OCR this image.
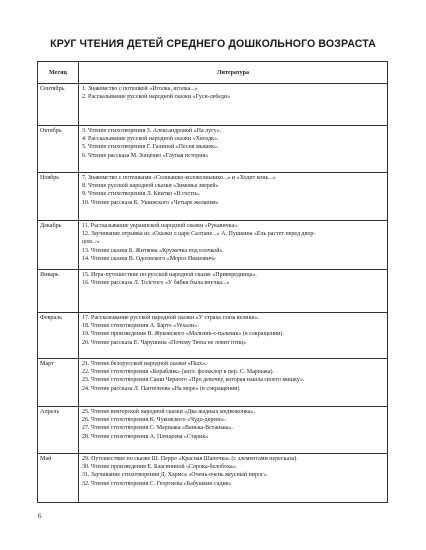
КРУГ ЧТЕНИЯ ДЕТЕЙ СРЕДНЕГО ДОШКОЛЬНОГО ВОЗРАСТА
Месяц	Литература
Сентябрь	1. Знакомство с потешкой «Иголка, иголка...»
2. Рассказывание русской народной сказки «Гуси-лебеди»

Октябрь	3. Чтение стихотворения З. Александровой «На лугу».
4. Рассказывание русской народной сказки «Хвоздк».
5. Чтение стихотворения Г. Галиной «Песня мышек».
6. Чтение рассказа М. Зощенко «Глупая история»

Ноябрь	7. Знакомство с потешками «Солнышко-колоколнышко...» и «Ходит конь...»
8. Чтение русской народной сказки «Зимовье зверей»
9. Чтение стихотворения Л. Квитко «В гости».
10. Чтение рассказа К. Ушинского «Четыре желания»

Декабрь	11. Рассказывание украинской народной сказки «Рукавичка».
12. Заучивание отрывка из «Сказки о царе Салтане...» А. Пушкина «Ель растет перед двор-
цом...»
13. Чтение сказки Б. Житкова «Кружечка под елочкой».
14. Чтение сказки В. Одоевского «Мороз Иванович»

Январь	15. Игра-путешествие по русской народной сказке «Привередница».
16. Чтение рассказа Л. Толстого «У бабки была внучка...»

Февраль	17. Рассказывание русской народной сказки «У страха глаза велики».
18. Чтение стихотворения А. Барто «Уехали».
19. Чтение произведения В. Жуковского «Мальчик-с-пальчик» (в сокращении).
20. Чтение рассказа Е. Чарушина «Почему Тюпа не ловит птиц»

Март	21. Чтение белорусской народной сказки «Пых».
22. Чтение стихотворения «Кораблик» (англ. фольклор в пер. С. Маршака).
23. Чтение стихотворения Саши Черного «Про девочку, которая нашла своего мишку».
24. Чтение рассказа Л. Пантелеева «На море» (в сокращении)

Апрель	25. Чтение венгерской народной сказки «Два жадных медвежонка».
26. Чтение стихотворения К. Чуковского «Чудо-дерево».
27. Чтение стихотворения С. Маршака «Ванька-Встанька».
28. Чтение стихотворения А. Плещеева «Старик»

Май	29. Путешествие по сказке Ш. Перро «Красная Шапочка» (с элементами пересказа).
30. Чтение произведения Е. Благининой «Сорока-белобока».
31. Заучивание стихотворения Д. Хармса «Очень-очень вкусный пирог».
32. Чтение стихотворения С. Георгиева «Бабушкин садик»
6
